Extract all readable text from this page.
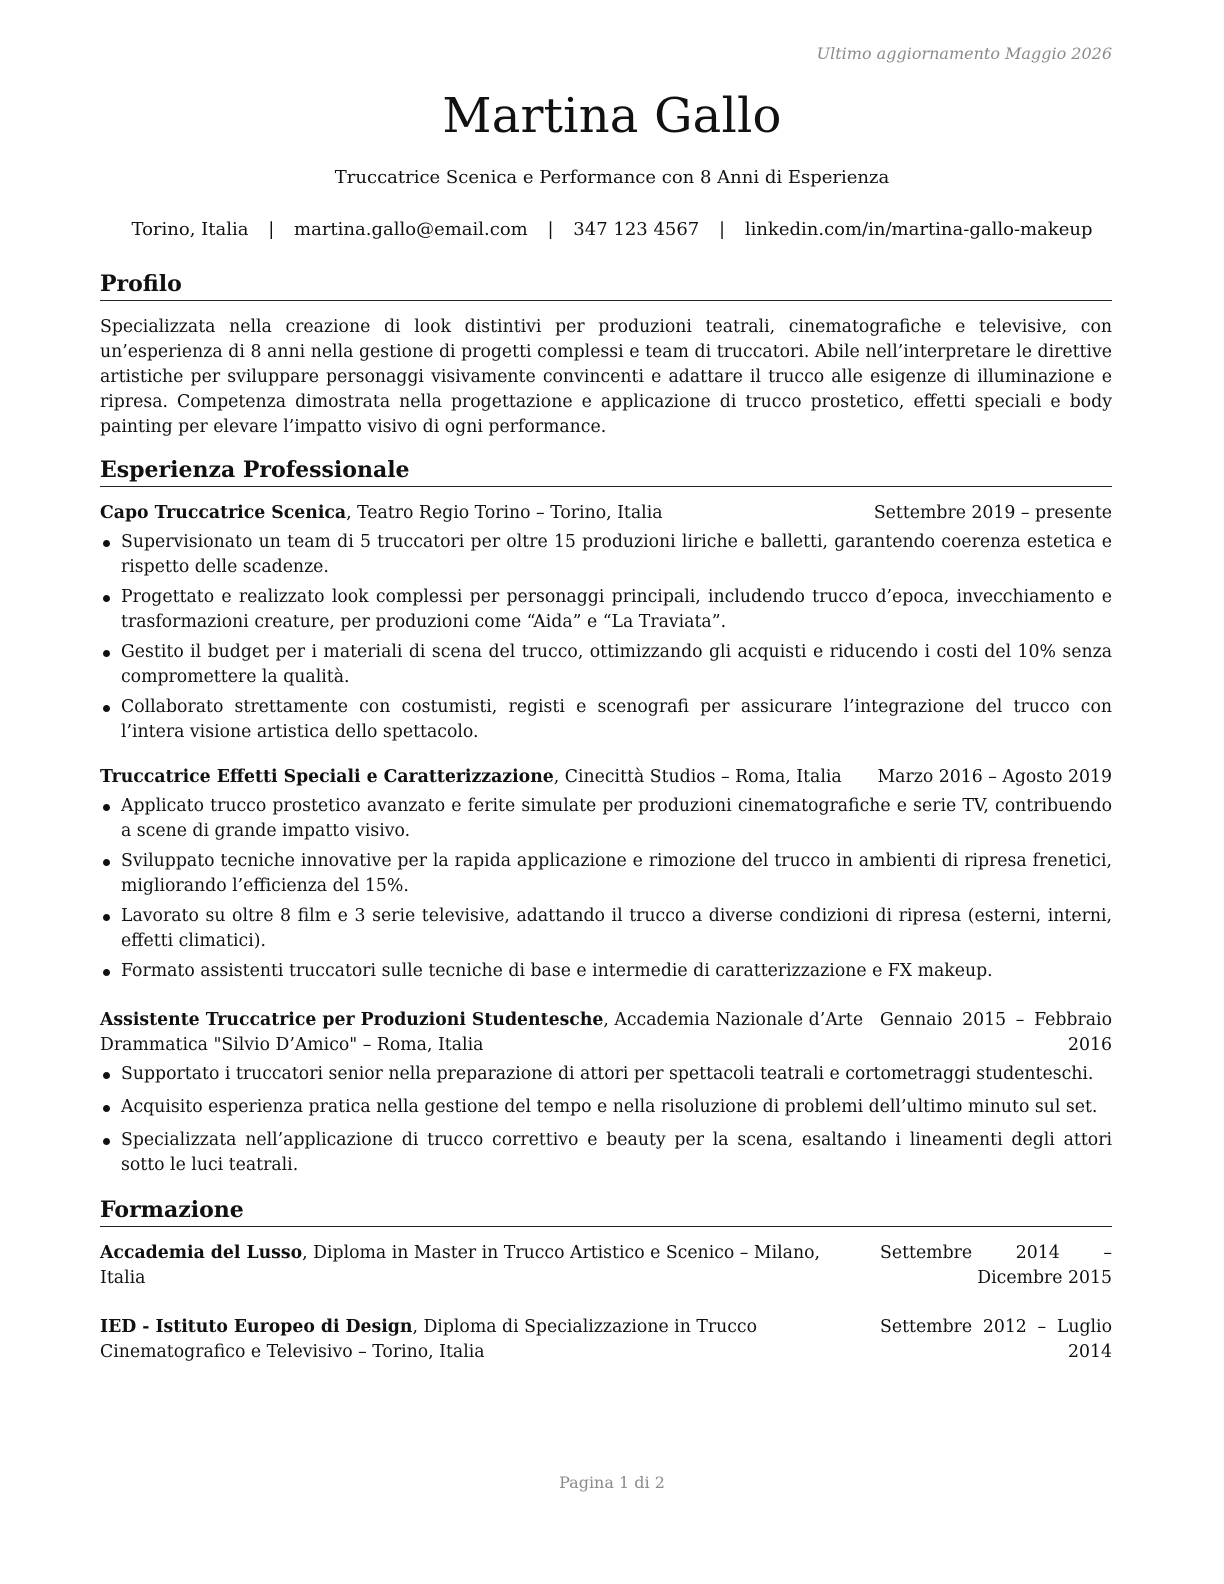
Ultimo aggiornamento Maggio 2026
Martina Gallo
Truccatrice Scenica e Performance con 8 Anni di Esperienza
Torino, Italia | martina.gallo@email.com | 347 123 4567 | linkedin.com/in/martina-gallo-makeup
Profilo

Specializzata nella creazione di look distintivi per produzioni teatrali, cinematografiche e televisive, con un’esperienza di 8 anni nella gestione di progetti complessi e team di truccatori. Abile nell’interpretare le direttive artistiche per sviluppare personaggi visivamente convincenti e adattare il trucco alle esigenze di illuminazione e ripresa. Competenza dimostrata nella progettazione e applicazione di trucco prostetico, effetti speciali e body painting per elevare l’impatto visivo di ogni performance.

Esperienza Professionale
Capo Truccatrice Scenica, Teatro Regio Torino – Torino, Italia	Settembre 2019 – presente
Supervisionato un team di 5 truccatori per oltre 15 produzioni liriche e balletti, garantendo coerenza estetica e rispetto delle scadenze.
Progettato e realizzato look complessi per personaggi principali, includendo trucco d’epoca, invecchiamento e trasformazioni creature, per produzioni come “Aida” e “La Traviata”.
Gestito il budget per i materiali di scena del trucco, ottimizzando gli acquisti e riducendo i costi del 10% senza compromettere la qualità.
Collaborato strettamente con costumisti, registi e scenografi per assicurare l’integrazione del trucco con l’intera visione artistica dello spettacolo.
Truccatrice Effetti Speciali e Caratterizzazione, Cinecittà Studios – Roma, Italia	Marzo 2016 – Agosto 2019
Applicato trucco prostetico avanzato e ferite simulate per produzioni cinematografiche e serie TV, contribuendo a scene di grande impatto visivo.
Sviluppato tecniche innovative per la rapida applicazione e rimozione del trucco in ambienti di ripresa frenetici, migliorando l’efficienza del 15%.
Lavorato su oltre 8 film e 3 serie televisive, adattando il trucco a diverse condizioni di ripresa (esterni, interni, effetti climatici).
Formato assistenti truccatori sulle tecniche di base e intermedie di caratterizzazione e FX makeup.
Assistente Truccatrice per Produzioni Studentesche, Accademia Nazionale d’Arte Drammatica "Silvio D’Amico" – Roma, Italia
Gennaio 2015 – Febbraio 2016
Supportato i truccatori senior nella preparazione di attori per spettacoli teatrali e cortometraggi studenteschi.
Acquisito esperienza pratica nella gestione del tempo e nella risoluzione di problemi dell’ultimo minuto sul set.
Specializzata nell’applicazione di trucco correttivo e beauty per la scena, esaltando i lineamenti degli attori sotto le luci teatrali.
Formazione
Accademia del Lusso, Diploma in Master in Trucco Artistico e Scenico – Milano, Italia
Settembre 2014 – Dicembre 2015
IED - Istituto Europeo di Design, Diploma di Specializzazione in Trucco Cinematografico e Televisivo – Torino, Italia
Settembre 2012 – Luglio 2014
Pagina 1 di 2
